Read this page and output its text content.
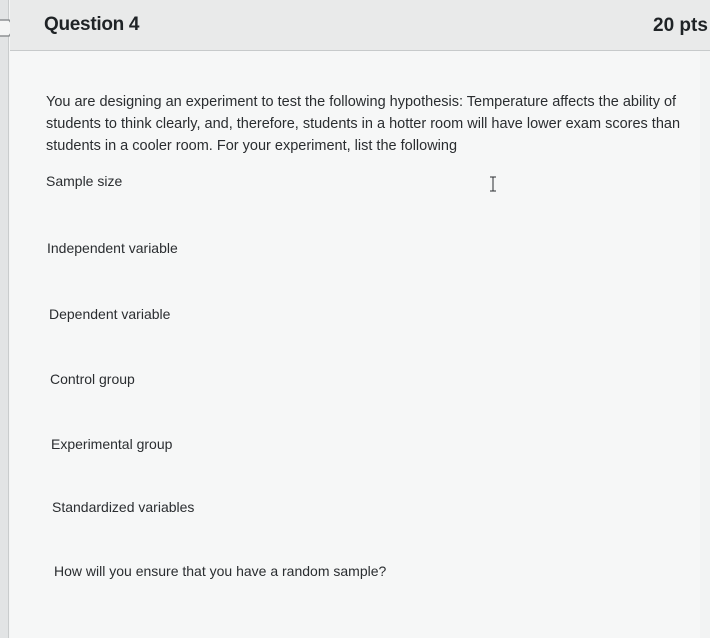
Question 4	20 pts
You are designing an experiment to test the following hypothesis: Temperature affects the ability of students to think clearly, and, therefore, students in a hotter room will have lower exam scores than students in a cooler room. For your experiment, list the following
Sample size
Independent variable
Dependent variable
Control group
Experimental group
Standardized variables
How will you ensure that you have a random sample?
